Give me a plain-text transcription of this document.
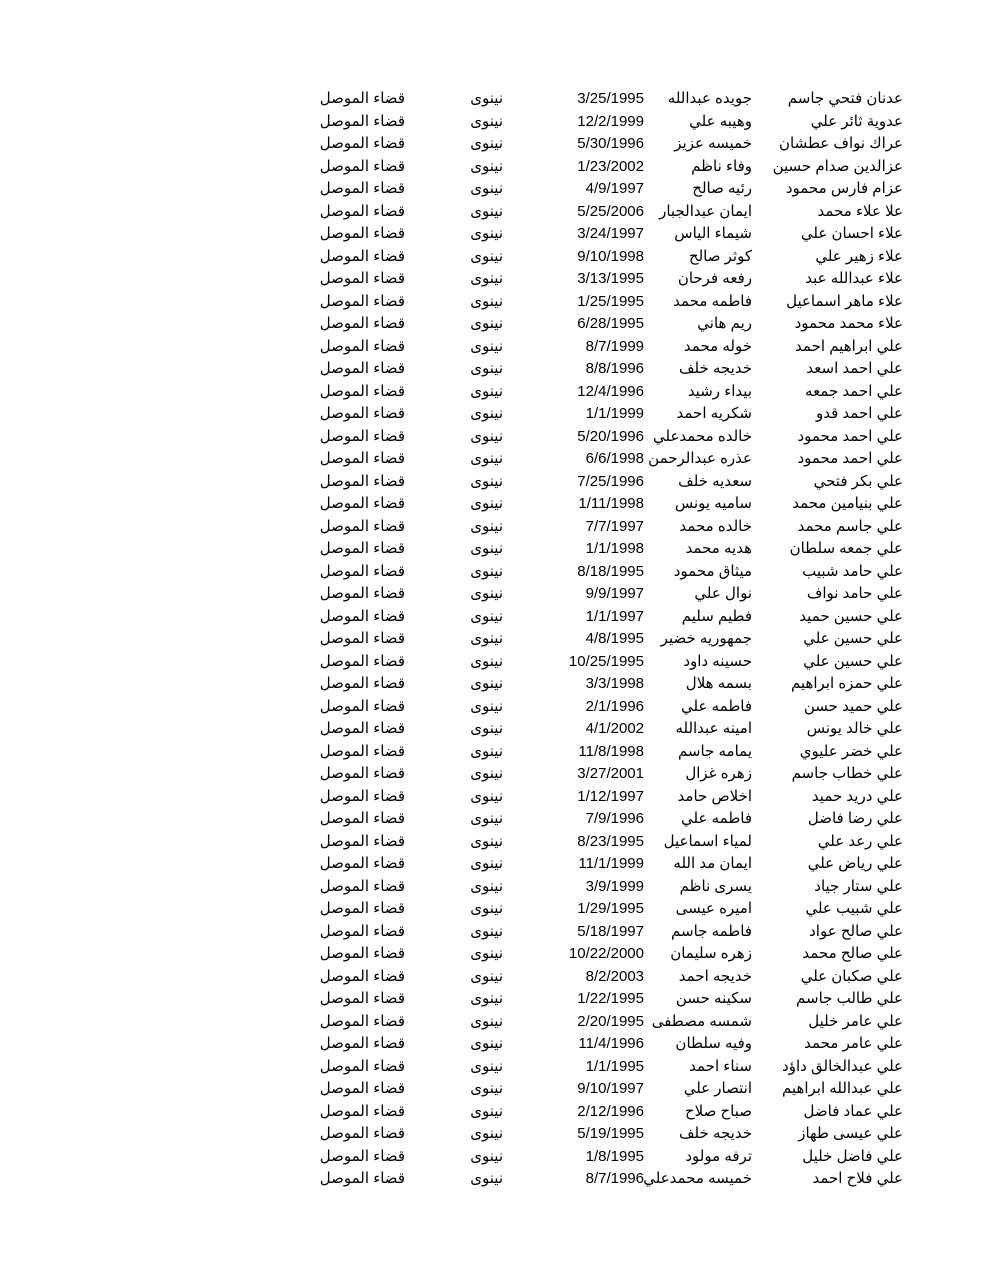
عدنان فتحي جاسم
جويده عبدالله
3/25/1995
نينوى
قضاء الموصل
عدوية ثائر علي
وهيبه علي
12/2/1999
نينوى
قضاء الموصل
عراك نواف عطشان
خميسه عزيز
5/30/1996
نينوى
قضاء الموصل
عزالدين صدام حسين
وفاء ناظم
1/23/2002
نينوى
قضاء الموصل
عزام فارس محمود
رئيه صالح
4/9/1997
نينوى
قضاء الموصل
علا علاء محمد
ايمان عبدالجبار
5/25/2006
نينوى
قضاء الموصل
علاء احسان علي
شيماء الياس
3/24/1997
نينوى
قضاء الموصل
علاء زهير علي
كوثر صالح
9/10/1998
نينوى
قضاء الموصل
علاء عبدالله عبد
رفعه فرحان
3/13/1995
نينوى
قضاء الموصل
علاء ماهر اسماعيل
فاطمه محمد
1/25/1995
نينوى
قضاء الموصل
علاء محمد محمود
ريم هاني
6/28/1995
نينوى
قضاء الموصل
علي ابراهيم احمد
خوله محمد
8/7/1999
نينوى
قضاء الموصل
علي احمد اسعد
خديجه خلف
8/8/1996
نينوى
قضاء الموصل
علي احمد جمعه
بيداء رشيد
12/4/1996
نينوى
قضاء الموصل
علي احمد قدو
شكريه احمد
1/1/1999
نينوى
قضاء الموصل
علي احمد محمود
خالده محمدعلي
5/20/1996
نينوى
قضاء الموصل
علي احمد محمود
عذره عبدالرحمن
6/6/1998
نينوى
قضاء الموصل
علي بكر فتحي
سعديه خلف
7/25/1996
نينوى
قضاء الموصل
علي بنيامين محمد
ساميه يونس
1/11/1998
نينوى
قضاء الموصل
علي جاسم محمد
خالده محمد
7/7/1997
نينوى
قضاء الموصل
علي جمعه سلطان
هديه محمد
1/1/1998
نينوى
قضاء الموصل
علي حامد شبيب
ميثاق محمود
8/18/1995
نينوى
قضاء الموصل
علي حامد نواف
نوال علي
9/9/1997
نينوى
قضاء الموصل
علي حسين حميد
فطيم سليم
1/1/1997
نينوى
قضاء الموصل
علي حسين علي
جمهوريه خضير
4/8/1995
نينوى
قضاء الموصل
علي حسين علي
حسينه داود
10/25/1995
نينوى
قضاء الموصل
علي حمزه ابراهيم
بسمه هلال
3/3/1998
نينوى
قضاء الموصل
علي حميد حسن
فاطمه علي
2/1/1996
نينوى
قضاء الموصل
علي خالد يونس
امينه عبدالله
4/1/2002
نينوى
قضاء الموصل
علي خضر عليوي
يمامه جاسم
11/8/1998
نينوى
قضاء الموصل
علي خطاب جاسم
زهره غزال
3/27/2001
نينوى
قضاء الموصل
علي دريد حميد
اخلاص حامد
1/12/1997
نينوى
قضاء الموصل
علي رضا فاضل
فاطمه علي
7/9/1996
نينوى
قضاء الموصل
علي رعد علي
لمياء اسماعيل
8/23/1995
نينوى
قضاء الموصل
علي رياض علي
ايمان مد الله
11/1/1999
نينوى
قضاء الموصل
علي ستار جياد
يسرى ناظم
3/9/1999
نينوى
قضاء الموصل
علي شبيب علي
اميره عيسى
1/29/1995
نينوى
قضاء الموصل
علي صالح عواد
فاطمه جاسم
5/18/1997
نينوى
قضاء الموصل
علي صالح محمد
زهره سليمان
10/22/2000
نينوى
قضاء الموصل
علي صكبان علي
خديجه احمد
8/2/2003
نينوى
قضاء الموصل
علي طالب جاسم
سكينه حسن
1/22/1995
نينوى
قضاء الموصل
علي عامر خليل
شمسه مصطفى
2/20/1995
نينوى
قضاء الموصل
علي عامر محمد
وفيه سلطان
11/4/1996
نينوى
قضاء الموصل
علي عبدالخالق داؤد
سناء احمد
1/1/1995
نينوى
قضاء الموصل
علي عبدالله ابراهيم
انتصار علي
9/10/1997
نينوى
قضاء الموصل
علي عماد فاضل
صباح صلاح
2/12/1996
نينوى
قضاء الموصل
علي عيسى طهاز
خديجه خلف
5/19/1995
نينوى
قضاء الموصل
علي فاضل خليل
ترفه مولود
1/8/1995
نينوى
قضاء الموصل
علي فلاح احمد
خميسه محمدعلي
8/7/1996
نينوى
قضاء الموصل
